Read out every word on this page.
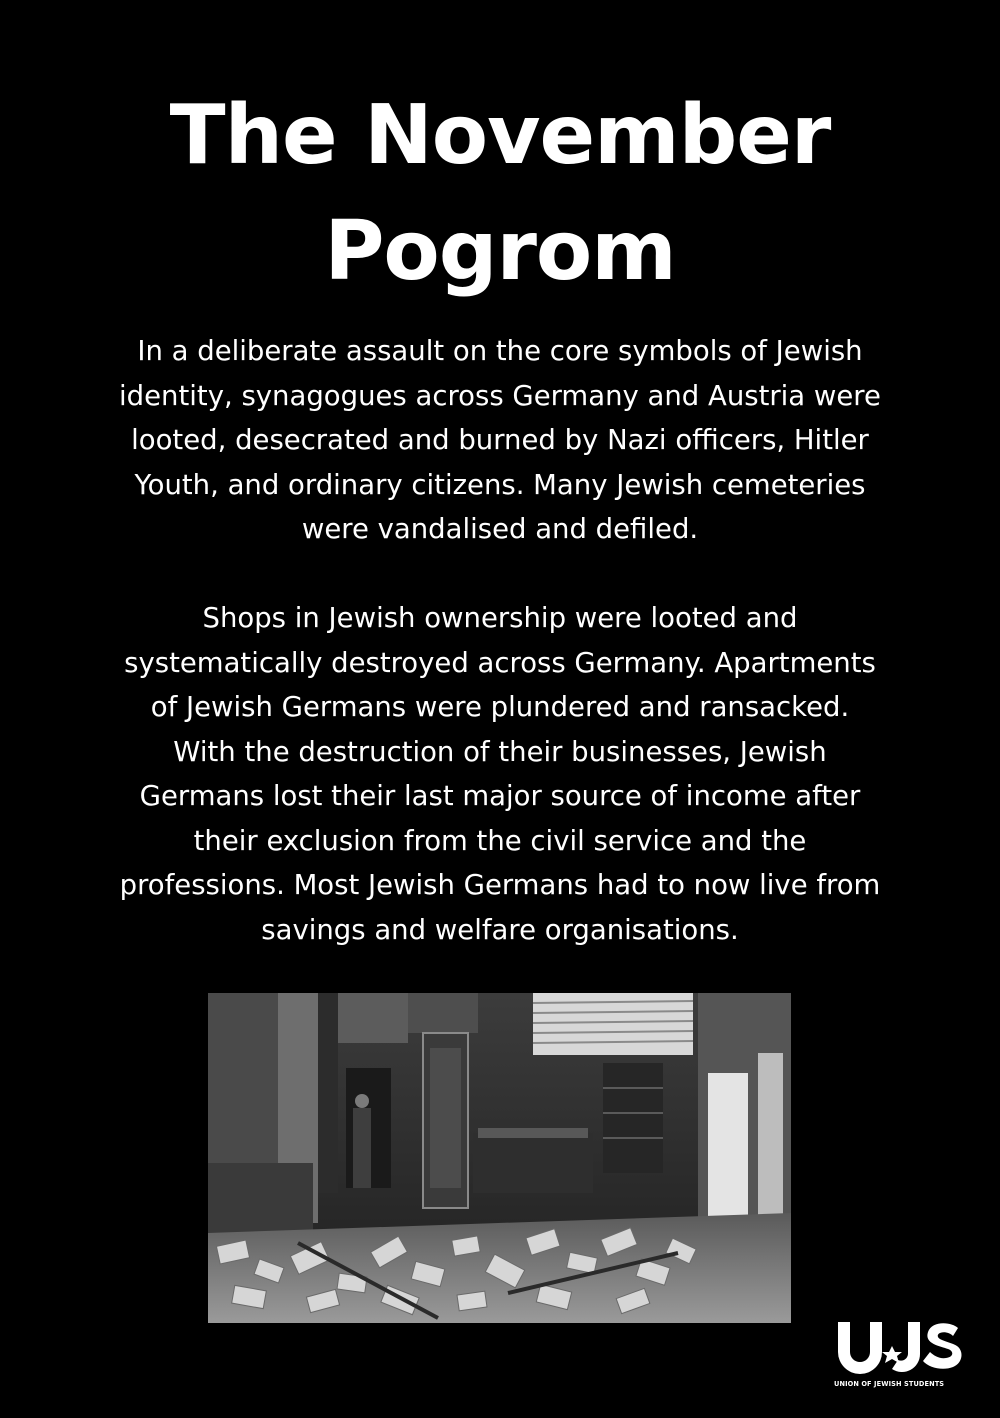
The November
Pogrom

In a deliberate assault on the core symbols of Jewish
identity, synagogues across Germany and Austria were
looted, desecrated and burned by Nazi officers, Hitler
Youth, and ordinary citizens. Many Jewish cemeteries
were vandalised and defiled.

Shops in Jewish ownership were looted and
systematically destroyed across Germany. Apartments
of Jewish Germans were plundered and ransacked.
With the destruction of their businesses, Jewish
Germans lost their last major source of income after
their exclusion from the civil service and the
professions. Most Jewish Germans had to now live from
savings and welfare organisations.

UNION OF JEWISH STUDENTS
